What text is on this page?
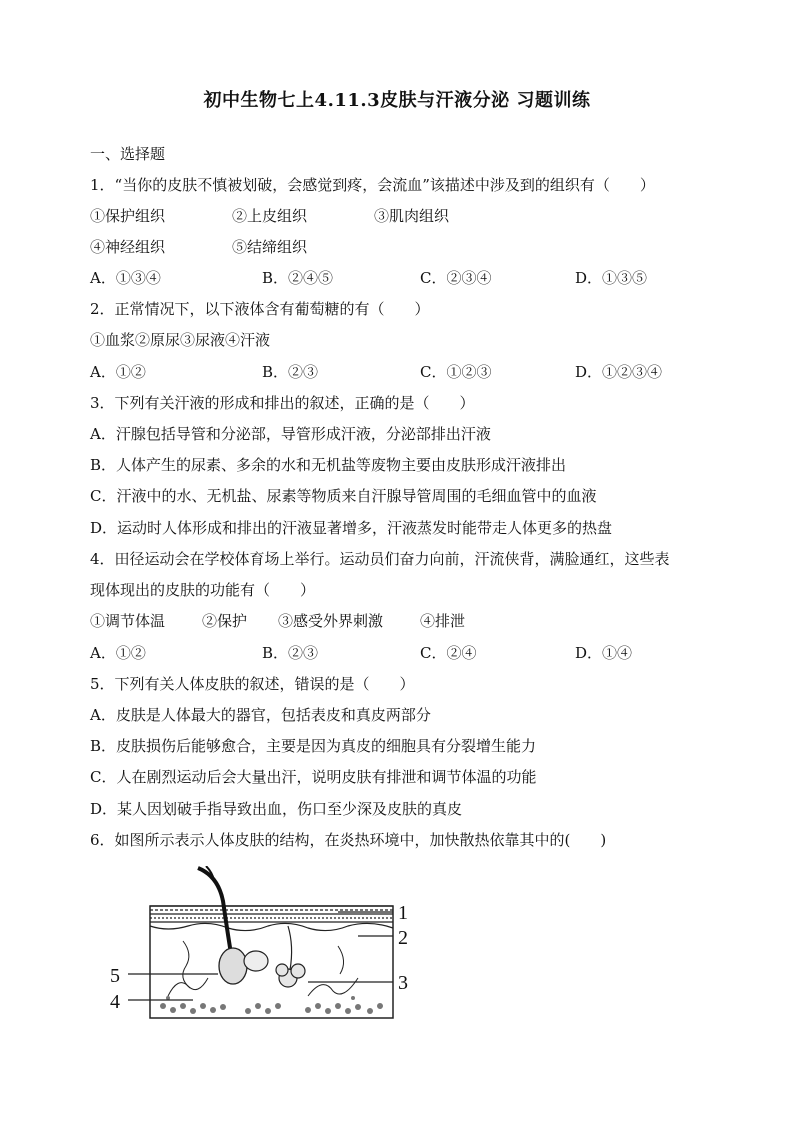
初中生物七上4.11.3皮肤与汗液分泌 习题训练
一、选择题
1．“当你的皮肤不慎被划破，会感觉到疼，会流血”该描述中涉及到的组织有（　　）
①保护组织	②上皮组织	③肌肉组织
④神经组织	⑤结缔组织
A．①③④	B．②④⑤	C．②③④	D．①③⑤
2．正常情况下，以下液体含有葡萄糖的有（　　）
①血浆②原尿③尿液④汗液
A．①②	B．②③	C．①②③	D．①②③④
3．下列有关汗液的形成和排出的叙述，正确的是（　　）
A．汗腺包括导管和分泌部，导管形成汗液，分泌部排出汗液
B．人体产生的尿素、多余的水和无机盐等废物主要由皮肤形成汗液排出
C．汗液中的水、无机盐、尿素等物质来自汗腺导管周围的毛细血管中的血液
D．运动时人体形成和排出的汗液显著增多，汗液蒸发时能带走人体更多的热盘
4．田径运动会在学校体育场上举行。运动员们奋力向前，汗流侠背，满脸通红，这些表
现体现出的皮肤的功能有（　　）
①调节体温 ②保护 ③感受外界刺激 ④排泄
A．①②	B．②③	C．②④	D．①④
5．下列有关人体皮肤的叙述，错误的是（　　）
A．皮肤是人体最大的器官，包括表皮和真皮两部分
B．皮肤损伤后能够愈合，主要是因为真皮的细胞具有分裂增生能力
C．人在剧烈运动后会大量出汗，说明皮肤有排泄和调节体温的功能
D．某人因划破手指导致出血，伤口至少深及皮肤的真皮
6．如图所示表示人体皮肤的结构，在炎热环境中，加快散热依靠其中的(　　)
1
2
3
4
5
